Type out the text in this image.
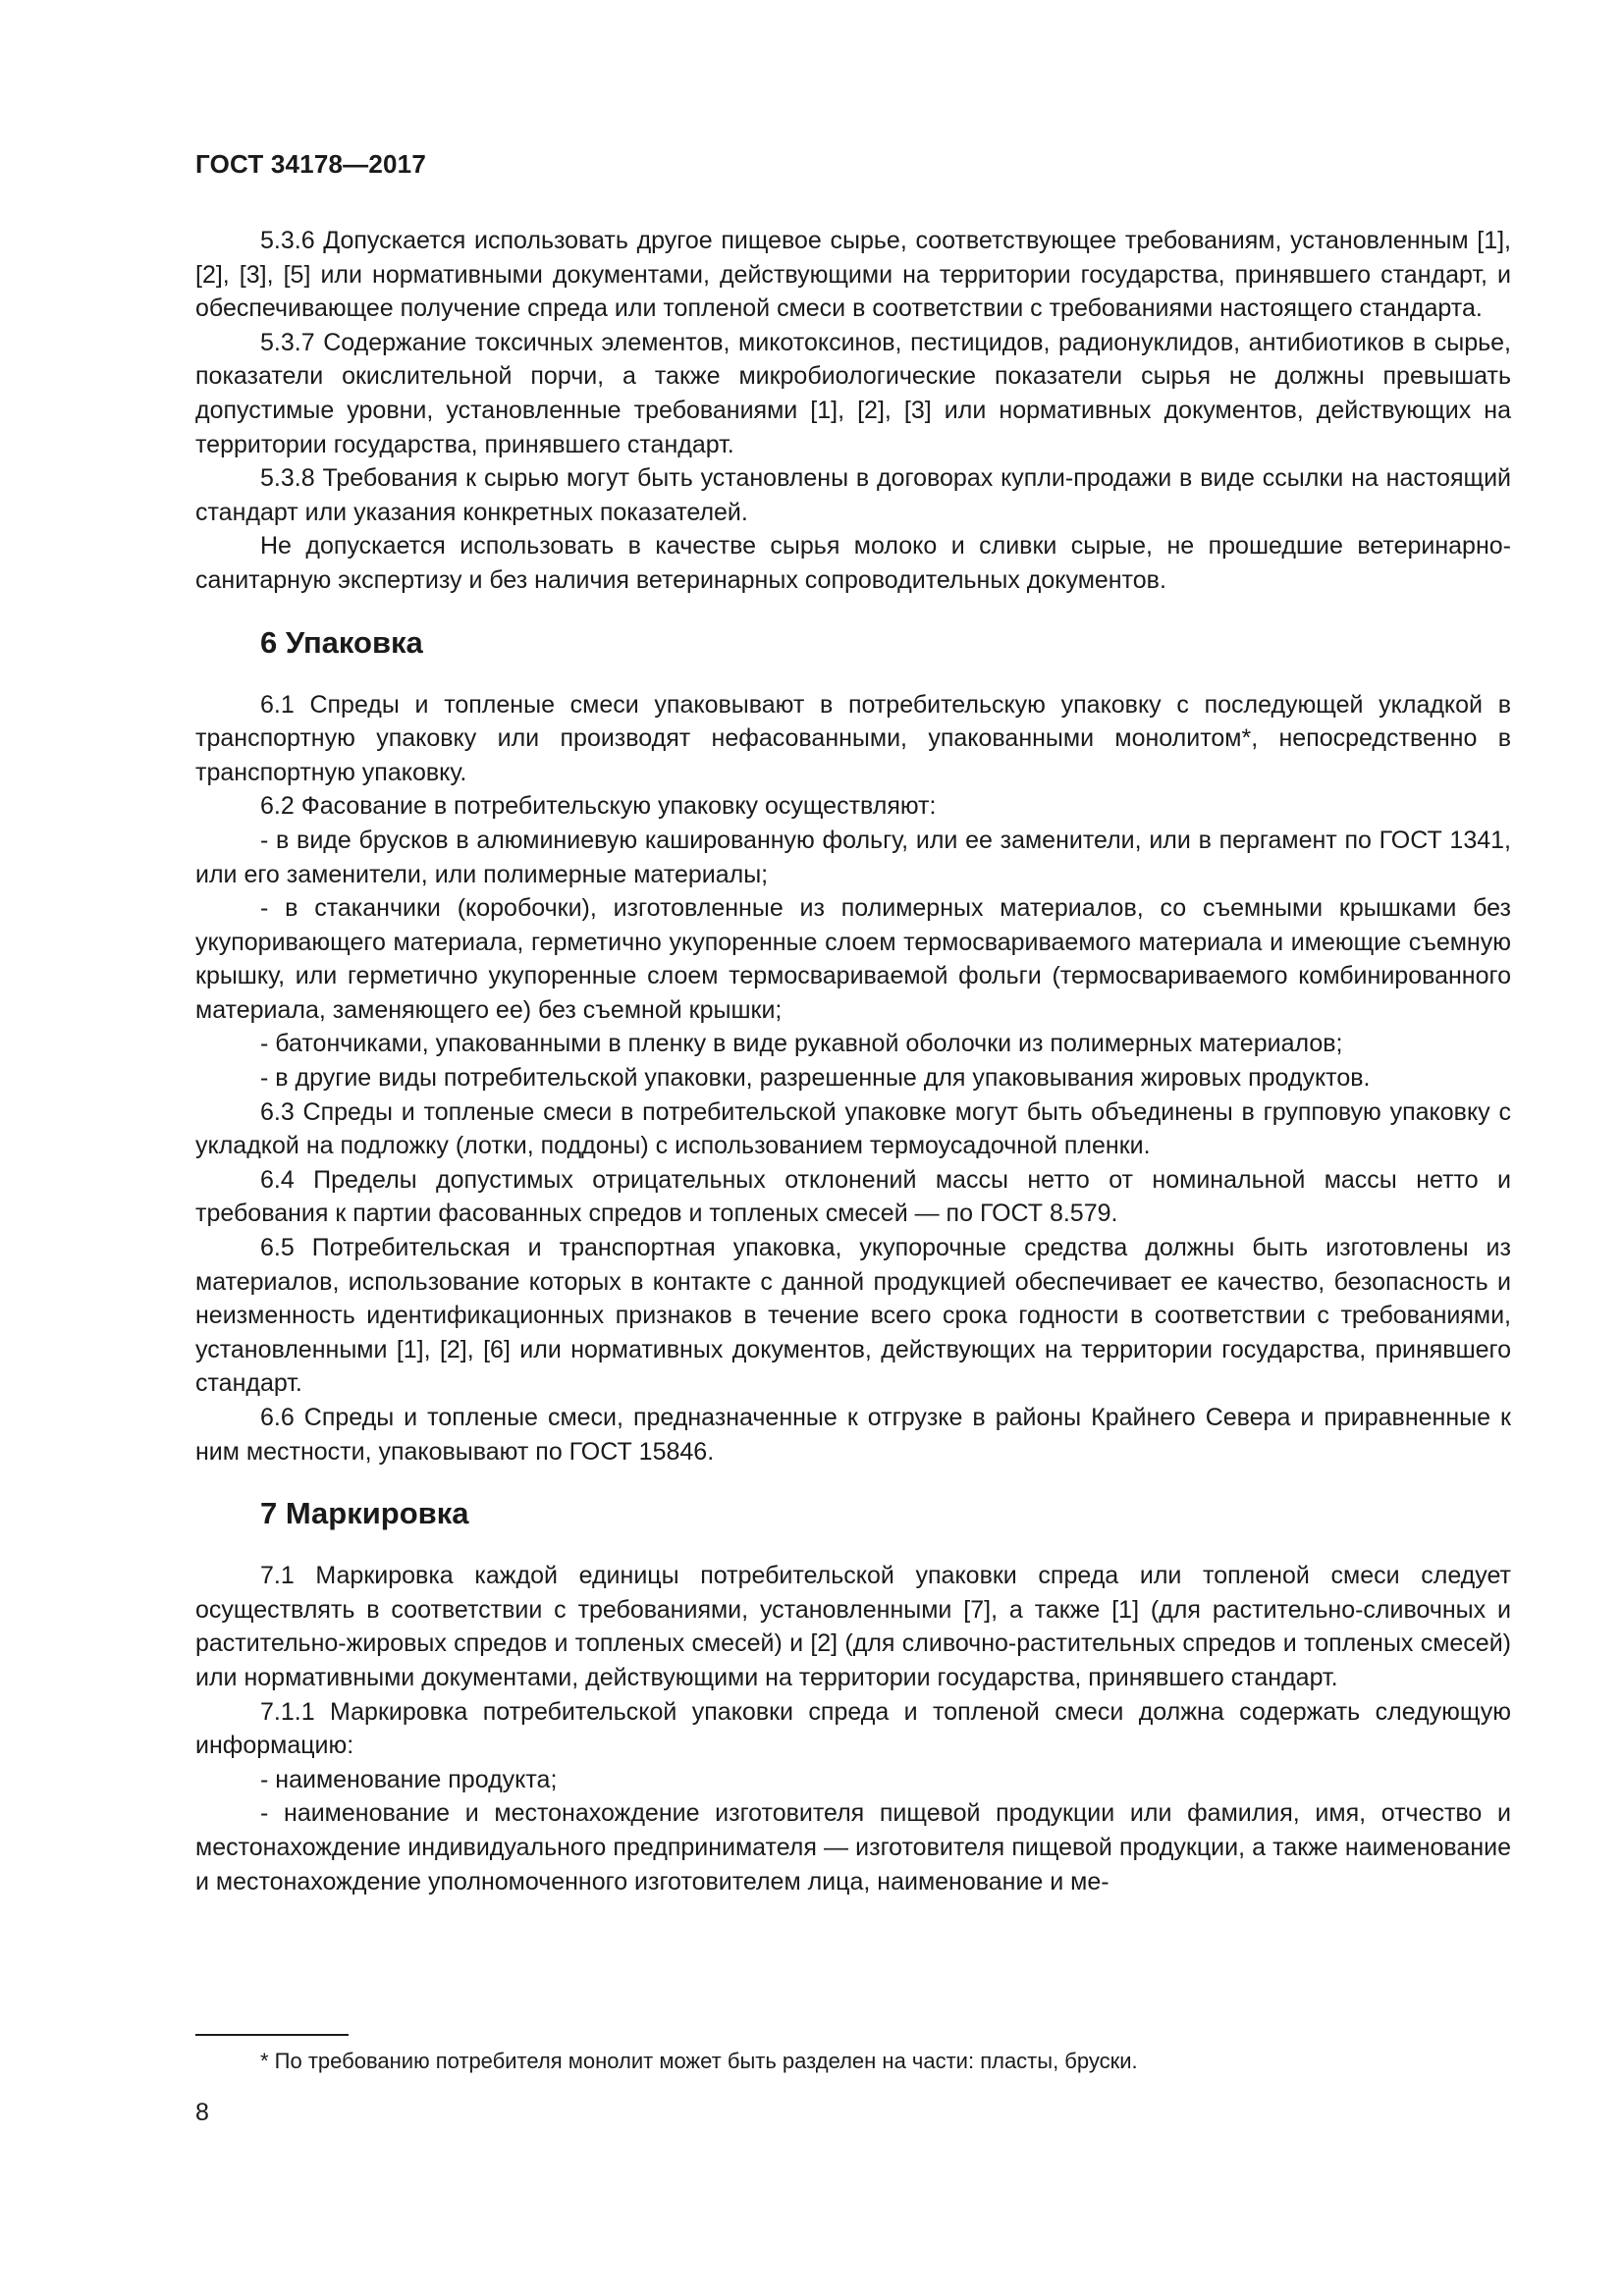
ГОСТ 34178—2017

5.3.6 Допускается использовать другое пищевое сырье, соответствующее требованиям, установленным [1], [2], [3], [5] или нормативными документами, действующими на территории государства, принявшего стандарт, и обеспечивающее получение спреда или топленой смеси в соответствии с требованиями настоящего стандарта.

5.3.7 Содержание токсичных элементов, микотоксинов, пестицидов, радионуклидов, антибиотиков в сырье, показатели окислительной порчи, а также микробиологические показатели сырья не должны превышать допустимые уровни, установленные требованиями [1], [2], [3] или нормативных документов, действующих на территории государства, принявшего стандарт.

5.3.8 Требования к сырью могут быть установлены в договорах купли-продажи в виде ссылки на настоящий стандарт или указания конкретных показателей.

Не допускается использовать в качестве сырья молоко и сливки сырые, не прошедшие ветеринарно-санитарную экспертизу и без наличия ветеринарных сопроводительных документов.

6 Упаковка

6.1 Спреды и топленые смеси упаковывают в потребительскую упаковку с последующей укладкой в транспортную упаковку или производят нефасованными, упакованными монолитом*, непосредственно в транспортную упаковку.

6.2 Фасование в потребительскую упаковку осуществляют:

- в виде брусков в алюминиевую кашированную фольгу, или ее заменители, или в пергамент по ГОСТ 1341, или его заменители, или полимерные материалы;

- в стаканчики (коробочки), изготовленные из полимерных материалов, со съемными крышками без укупоривающего материала, герметично укупоренные слоем термосвариваемого материала и имеющие съемную крышку, или герметично укупоренные слоем термосвариваемой фольги (термосвариваемого комбинированного материала, заменяющего ее) без съемной крышки;

- батончиками, упакованными в пленку в виде рукавной оболочки из полимерных материалов;

- в другие виды потребительской упаковки, разрешенные для упаковывания жировых продуктов.

6.3 Спреды и топленые смеси в потребительской упаковке могут быть объединены в групповую упаковку с укладкой на подложку (лотки, поддоны) с использованием термоусадочной пленки.

6.4 Пределы допустимых отрицательных отклонений массы нетто от номинальной массы нетто и требования к партии фасованных спредов и топленых смесей — по ГОСТ 8.579.

6.5 Потребительская и транспортная упаковка, укупорочные средства должны быть изготовлены из материалов, использование которых в контакте с данной продукцией обеспечивает ее качество, безопасность и неизменность идентификационных признаков в течение всего срока годности в соответствии с требованиями, установленными [1], [2], [6] или нормативных документов, действующих на территории государства, принявшего стандарт.

6.6 Спреды и топленые смеси, предназначенные к отгрузке в районы Крайнего Севера и приравненные к ним местности, упаковывают по ГОСТ 15846.

7 Маркировка

7.1 Маркировка каждой единицы потребительской упаковки спреда или топленой смеси следует осуществлять в соответствии с требованиями, установленными [7], а также [1] (для растительно-сливочных и растительно-жировых спредов и топленых смесей) и [2] (для сливочно-растительных спредов и топленых смесей) или нормативными документами, действующими на территории государства, принявшего стандарт.

7.1.1 Маркировка потребительской упаковки спреда и топленой смеси должна содержать следующую информацию:

- наименование продукта;

- наименование и местонахождение изготовителя пищевой продукции или фамилия, имя, отчество и местонахождение индивидуального предпринимателя — изготовителя пищевой продукции, а также наименование и местонахождение уполномоченного изготовителем лица, наименование и ме-

* По требованию потребителя монолит может быть разделен на части: пласты, бруски.
8
